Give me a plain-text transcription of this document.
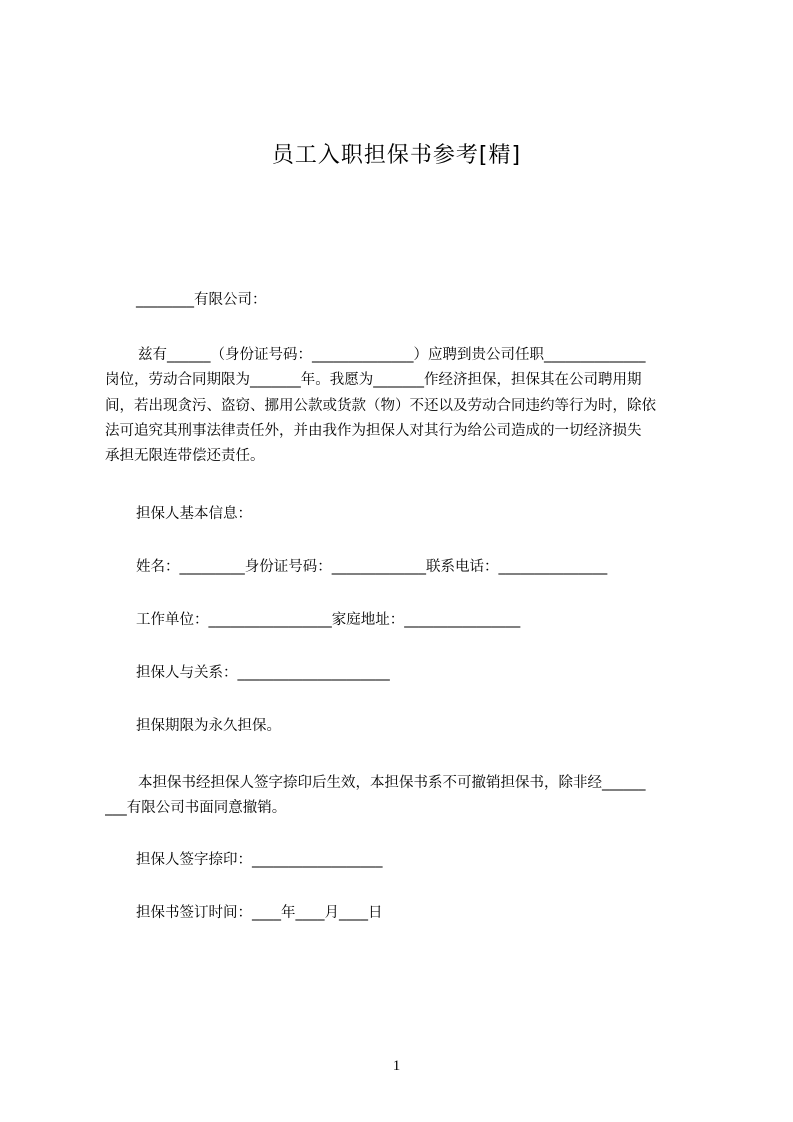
员工入职担保书参考[精]
________有限公司：
兹有______（身份证号码：______________）应聘到贵公司任职______________
岗位，劳动合同期限为_______年。我愿为_______作经济担保，担保其在公司聘用期
间，若出现贪污、盗窃、挪用公款或货款（物）不还以及劳动合同违约等行为时，除依
法可追究其刑事法律责任外，并由我作为担保人对其行为给公司造成的一切经济损失
承担无限连带偿还责任。
担保人基本信息：
姓名：_________身份证号码：_____________联系电话：_______________
工作单位：_________________家庭地址：________________
担保人与关系：_____________________
担保期限为永久担保。
本担保书经担保人签字捺印后生效，本担保书系不可撤销担保书，除非经______
___有限公司书面同意撤销。
担保人签字捺印：__________________
担保书签订时间：____年____月____日
1
